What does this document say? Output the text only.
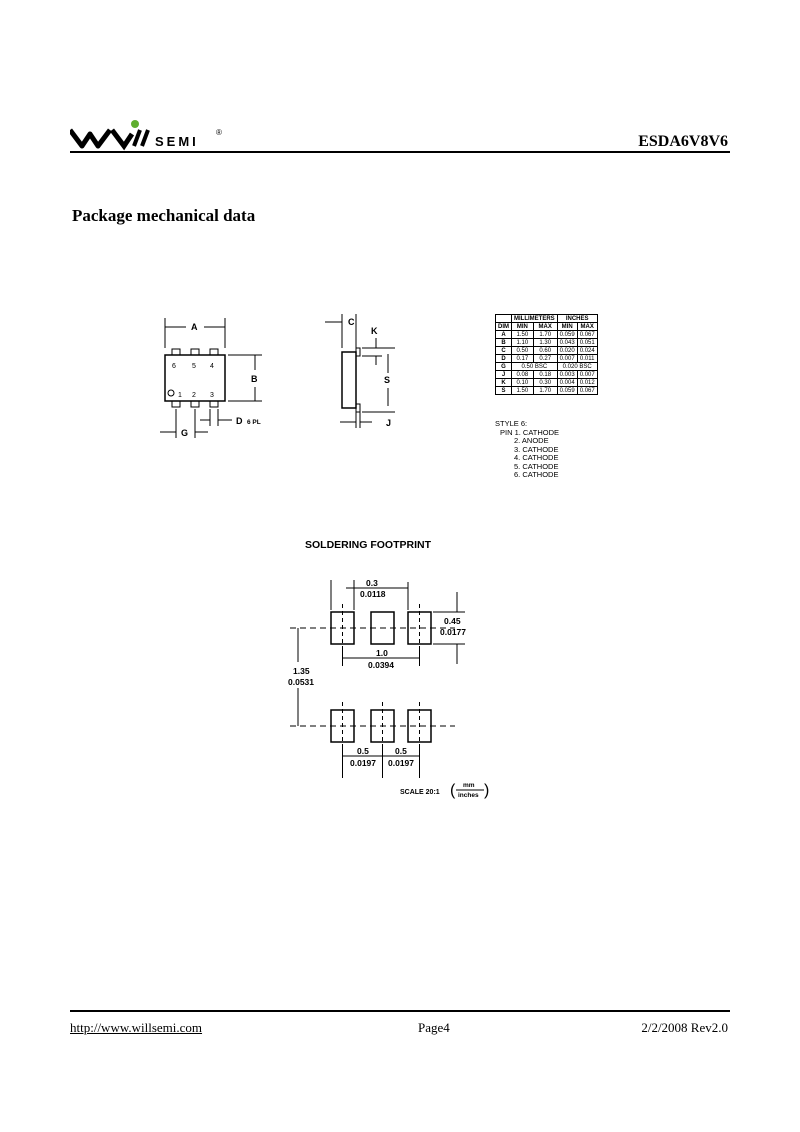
SEMI
®
ESDA6V8V6
Package mechanical data
A
B
G
D 6 PL
6 5 4
1 2 3
C
K
S
J
	MILLIMETERS		INCHES	
DIM	MIN	MAX	MIN	MAX
A	1.50	1.70	0.059	0.067
B	1.10	1.30	0.043	0.051
C	0.50	0.60	0.020	0.024
D	0.17	0.27	0.007	0.011
G	0.50 BSC		0.020 BSC	
J	0.08	0.18	0.003	0.007
K	0.10	0.30	0.004	0.012
S	1.50	1.70	0.059	0.067
STYLE 6:
PIN 1. CATHODE
2. ANODE
3. CATHODE
4. CATHODE
5. CATHODE
6. CATHODE
SOLDERING FOOTPRINT
0.3
0.0118
0.45
0.0177
1.0
0.0394
1.35
0.0531
0.5
0.0197
0.5
0.0197
SCALE 20:1
mm
inches
( )
http://www.willsemi.com	Page4	2/2/2008 Rev2.0
